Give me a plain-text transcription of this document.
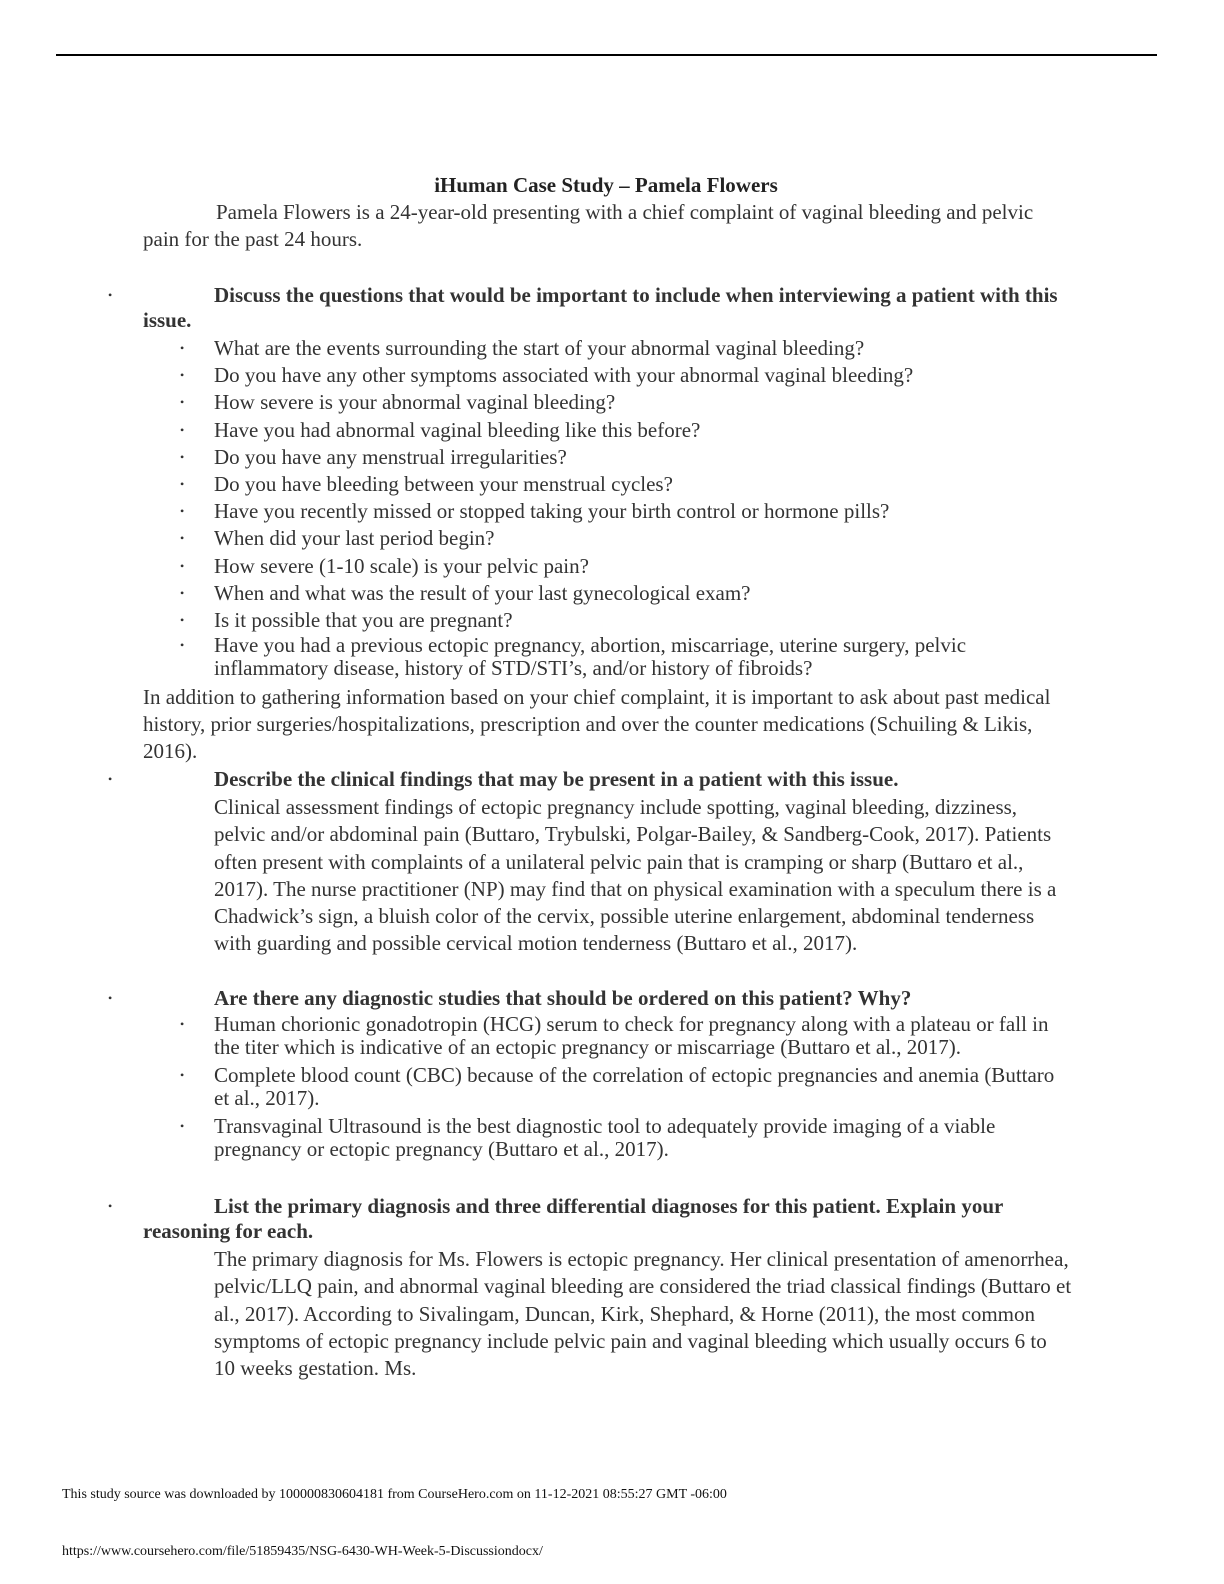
iHuman Case Study – Pamela Flowers
Pamela Flowers is a 24-year-old presenting with a chief complaint of vaginal bleeding and pelvic pain for the past 24 hours.
•	Discuss the questions that would be important to include when interviewing a patient with this issue.
• What are the events surrounding the start of your abnormal vaginal bleeding?
• Do you have any other symptoms associated with your abnormal vaginal bleeding?
• How severe is your abnormal vaginal bleeding?
• Have you had abnormal vaginal bleeding like this before?
• Do you have any menstrual irregularities?
• Do you have bleeding between your menstrual cycles?
• Have you recently missed or stopped taking your birth control or hormone pills?
• When did your last period begin?
• How severe (1-10 scale) is your pelvic pain?
• When and what was the result of your last gynecological exam?
• Is it possible that you are pregnant?
• Have you had a previous ectopic pregnancy, abortion, miscarriage, uterine surgery, pelvic inflammatory disease, history of STD/STI’s, and/or history of fibroids?
In addition to gathering information based on your chief complaint, it is important to ask about past medical history, prior surgeries/hospitalizations, prescription and over the counter medications (Schuiling & Likis, 2016).
•	Describe the clinical findings that may be present in a patient with this issue.
Clinical assessment findings of ectopic pregnancy include spotting, vaginal bleeding, dizziness, pelvic and/or abdominal pain (Buttaro, Trybulski, Polgar-Bailey, & Sandberg-Cook, 2017). Patients often present with complaints of a unilateral pelvic pain that is cramping or sharp (Buttaro et al., 2017). The nurse practitioner (NP) may find that on physical examination with a speculum there is a Chadwick’s sign, a bluish color of the cervix, possible uterine enlargement, abdominal tenderness with guarding and possible cervical motion tenderness (Buttaro et al., 2017).
•	Are there any diagnostic studies that should be ordered on this patient? Why?
• Human chorionic gonadotropin (HCG) serum to check for pregnancy along with a plateau or fall in the titer which is indicative of an ectopic pregnancy or miscarriage (Buttaro et al., 2017).
• Complete blood count (CBC) because of the correlation of ectopic pregnancies and anemia (Buttaro et al., 2017).
• Transvaginal Ultrasound is the best diagnostic tool to adequately provide imaging of a viable pregnancy or ectopic pregnancy (Buttaro et al., 2017).
•	List the primary diagnosis and three differential diagnoses for this patient. Explain your reasoning for each.
The primary diagnosis for Ms. Flowers is ectopic pregnancy. Her clinical presentation of amenorrhea, pelvic/LLQ pain, and abnormal vaginal bleeding are considered the triad classical findings (Buttaro et al., 2017). According to Sivalingam, Duncan, Kirk, Shephard, & Horne (2011), the most common symptoms of ectopic pregnancy include pelvic pain and vaginal bleeding which usually occurs 6 to 10 weeks gestation. Ms.
This study source was downloaded by 100000830604181 from CourseHero.com on 11-12-2021 08:55:27 GMT -06:00
https://www.coursehero.com/file/51859435/NSG-6430-WH-Week-5-Discussiondocx/
